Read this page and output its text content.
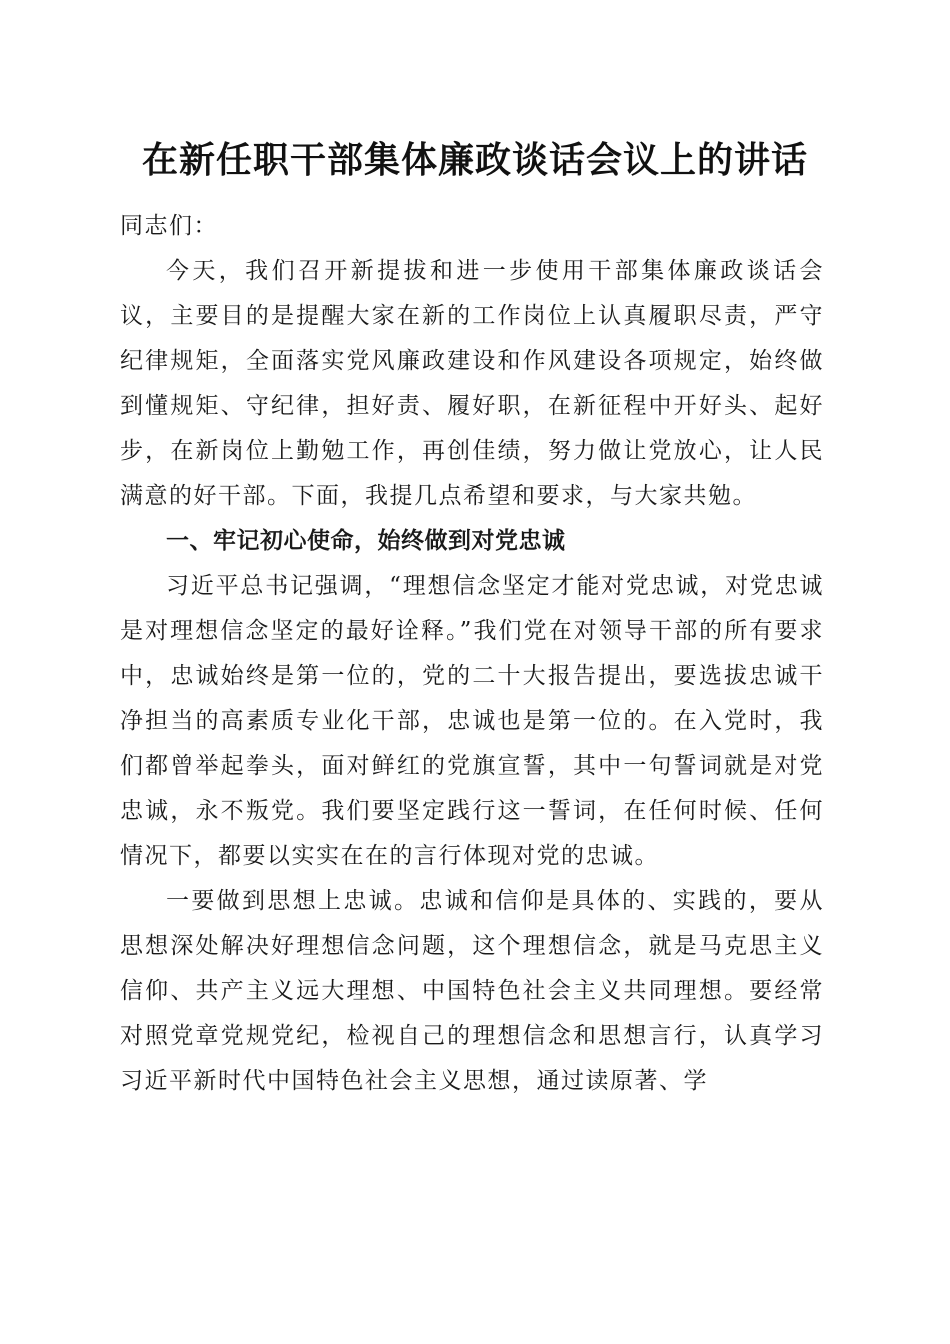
在新任职干部集体廉政谈话会议上的讲话

同志们：

今天，我们召开新提拔和进一步使用干部集体廉政谈话会议，主要目的是提醒大家在新的工作岗位上认真履职尽责，严守纪律规矩，全面落实党风廉政建设和作风建设各项规定，始终做到懂规矩、守纪律，担好责、履好职，在新征程中开好头、起好步，在新岗位上勤勉工作，再创佳绩，努力做让党放心，让人民满意的好干部。下面，我提几点希望和要求，与大家共勉。

一、牢记初心使命，始终做到对党忠诚

习近平总书记强调，“理想信念坚定才能对党忠诚，对党忠诚是对理想信念坚定的最好诠释。”我们党在对领导干部的所有要求中，忠诚始终是第一位的，党的二十大报告提出，要选拔忠诚干净担当的高素质专业化干部，忠诚也是第一位的。在入党时，我们都曾举起拳头，面对鲜红的党旗宣誓，其中一句誓词就是对党忠诚，永不叛党。我们要坚定践行这一誓词，在任何时候、任何情况下，都要以实实在在的言行体现对党的忠诚。

一要做到思想上忠诚。忠诚和信仰是具体的、实践的，要从思想深处解决好理想信念问题，这个理想信念，就是马克思主义信仰、共产主义远大理想、中国特色社会主义共同理想。要经常对照党章党规党纪，检视自己的理想信念和思想言行，认真学习习近平新时代中国特色社会主义思想，通过读原著、学
